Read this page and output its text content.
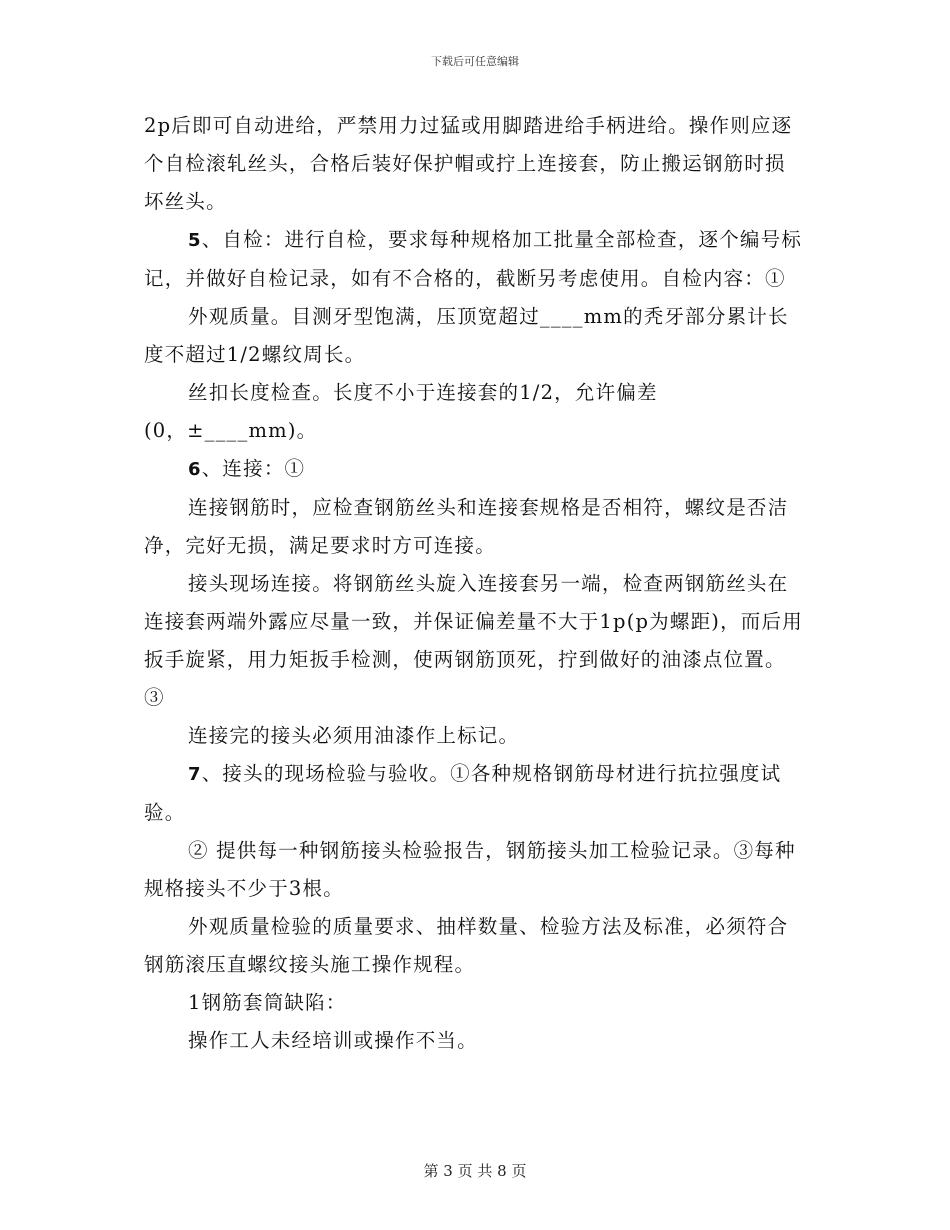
下载后可任意编辑

2p后即可自动进给，严禁用力过猛或用脚踏进给手柄进给。操作则应逐个自检滚轧丝头，合格后装好保护帽或拧上连接套，防止搬运钢筋时损坏丝头。

5、自检：进行自检，要求每种规格加工批量全部检查，逐个编号标记，并做好自检记录，如有不合格的，截断另考虑使用。自检内容：①

外观质量。目测牙型饱满，压顶宽超过____mm的秃牙部分累计长度不超过1/2螺纹周长。

丝扣长度检查。长度不小于连接套的1/2，允许偏差

(0，±____mm)。

6、连接：①

连接钢筋时，应检查钢筋丝头和连接套规格是否相符，螺纹是否洁净，完好无损，满足要求时方可连接。

接头现场连接。将钢筋丝头旋入连接套另一端，检查两钢筋丝头在连接套两端外露应尽量一致，并保证偏差量不大于1p(p为螺距)，而后用扳手旋紧，用力矩扳手检测，使两钢筋顶死，拧到做好的油漆点位置。③

连接完的接头必须用油漆作上标记。

7、接头的现场检验与验收。①各种规格钢筋母材进行抗拉强度试验。

② 提供每一种钢筋接头检验报告，钢筋接头加工检验记录。③每种规格接头不少于3根。

外观质量检验的质量要求、抽样数量、检验方法及标准，必须符合钢筋滚压直螺纹接头施工操作规程。

1钢筋套筒缺陷：

操作工人未经培训或操作不当。

第 3 页 共 8 页
